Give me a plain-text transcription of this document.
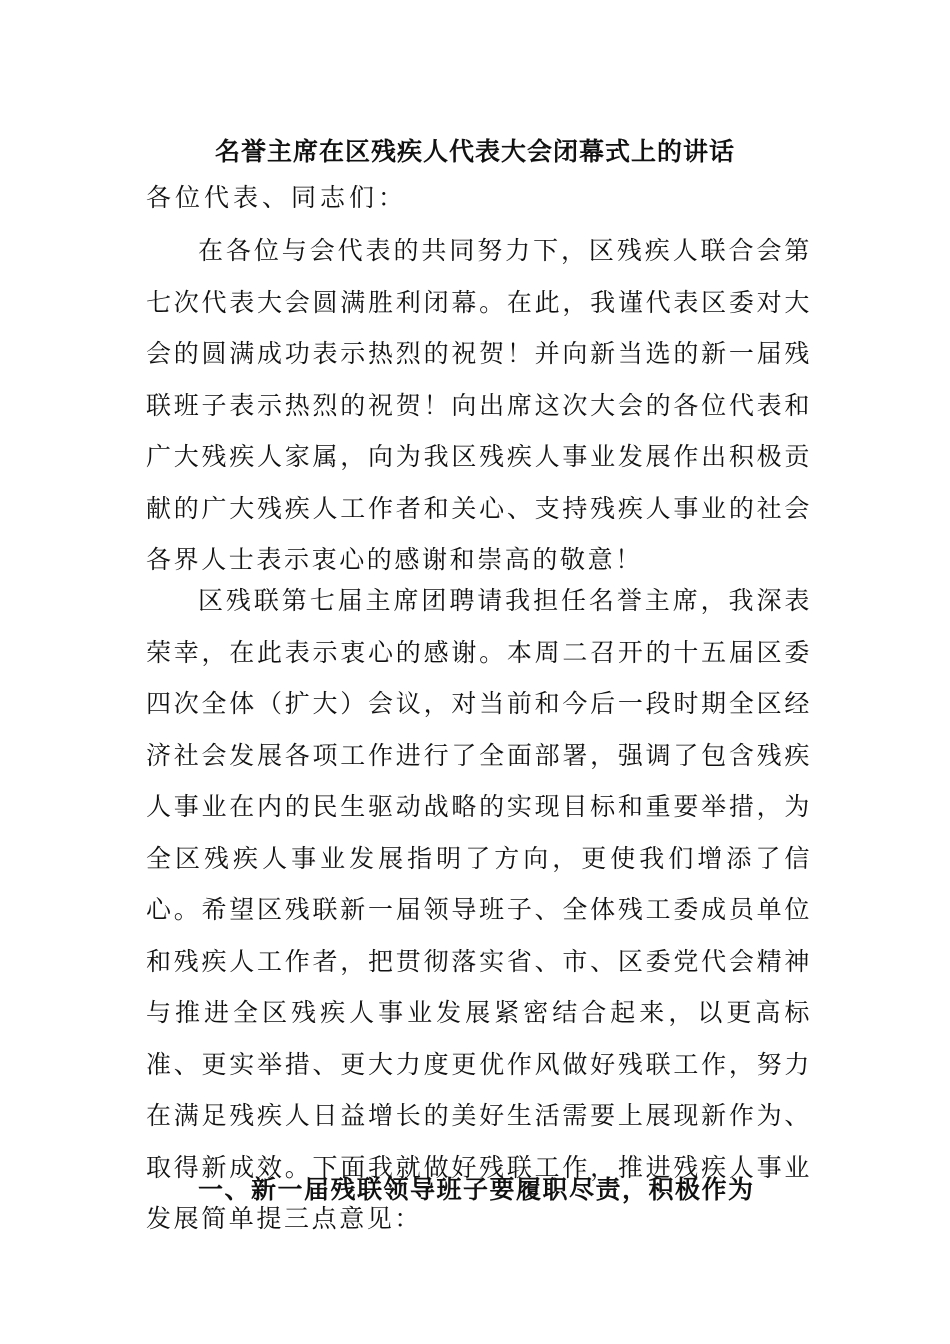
名誉主席在区残疾人代表大会闭幕式上的讲话
各位代表、同志们：

在各位与会代表的共同努力下，区残疾人联合会第七次代表大会圆满胜利闭幕。在此，我谨代表区委对大会的圆满成功表示热烈的祝贺！并向新当选的新一届残联班子表示热烈的祝贺！向出席这次大会的各位代表和广大残疾人家属，向为我区残疾人事业发展作出积极贡献的广大残疾人工作者和关心、支持残疾人事业的社会各界人士表示衷心的感谢和崇高的敬意！

区残联第七届主席团聘请我担任名誉主席，我深表荣幸，在此表示衷心的感谢。本周二召开的十五届区委四次全体（扩大）会议，对当前和今后一段时期全区经济社会发展各项工作进行了全面部署，强调了包含残疾人事业在内的民生驱动战略的实现目标和重要举措，为全区残疾人事业发展指明了方向，更使我们增添了信心。希望区残联新一届领导班子、全体残工委成员单位和残疾人工作者，把贯彻落实省、市、区委党代会精神与推进全区残疾人事业发展紧密结合起来，以更高标准、更实举措、更大力度更优作风做好残联工作，努力在满足残疾人日益增长的美好生活需要上展现新作为、取得新成效。下面我就做好残联工作，推进残疾人事业发展简单提三点意见：

一、新一届残联领导班子要履职尽责，积极作为
